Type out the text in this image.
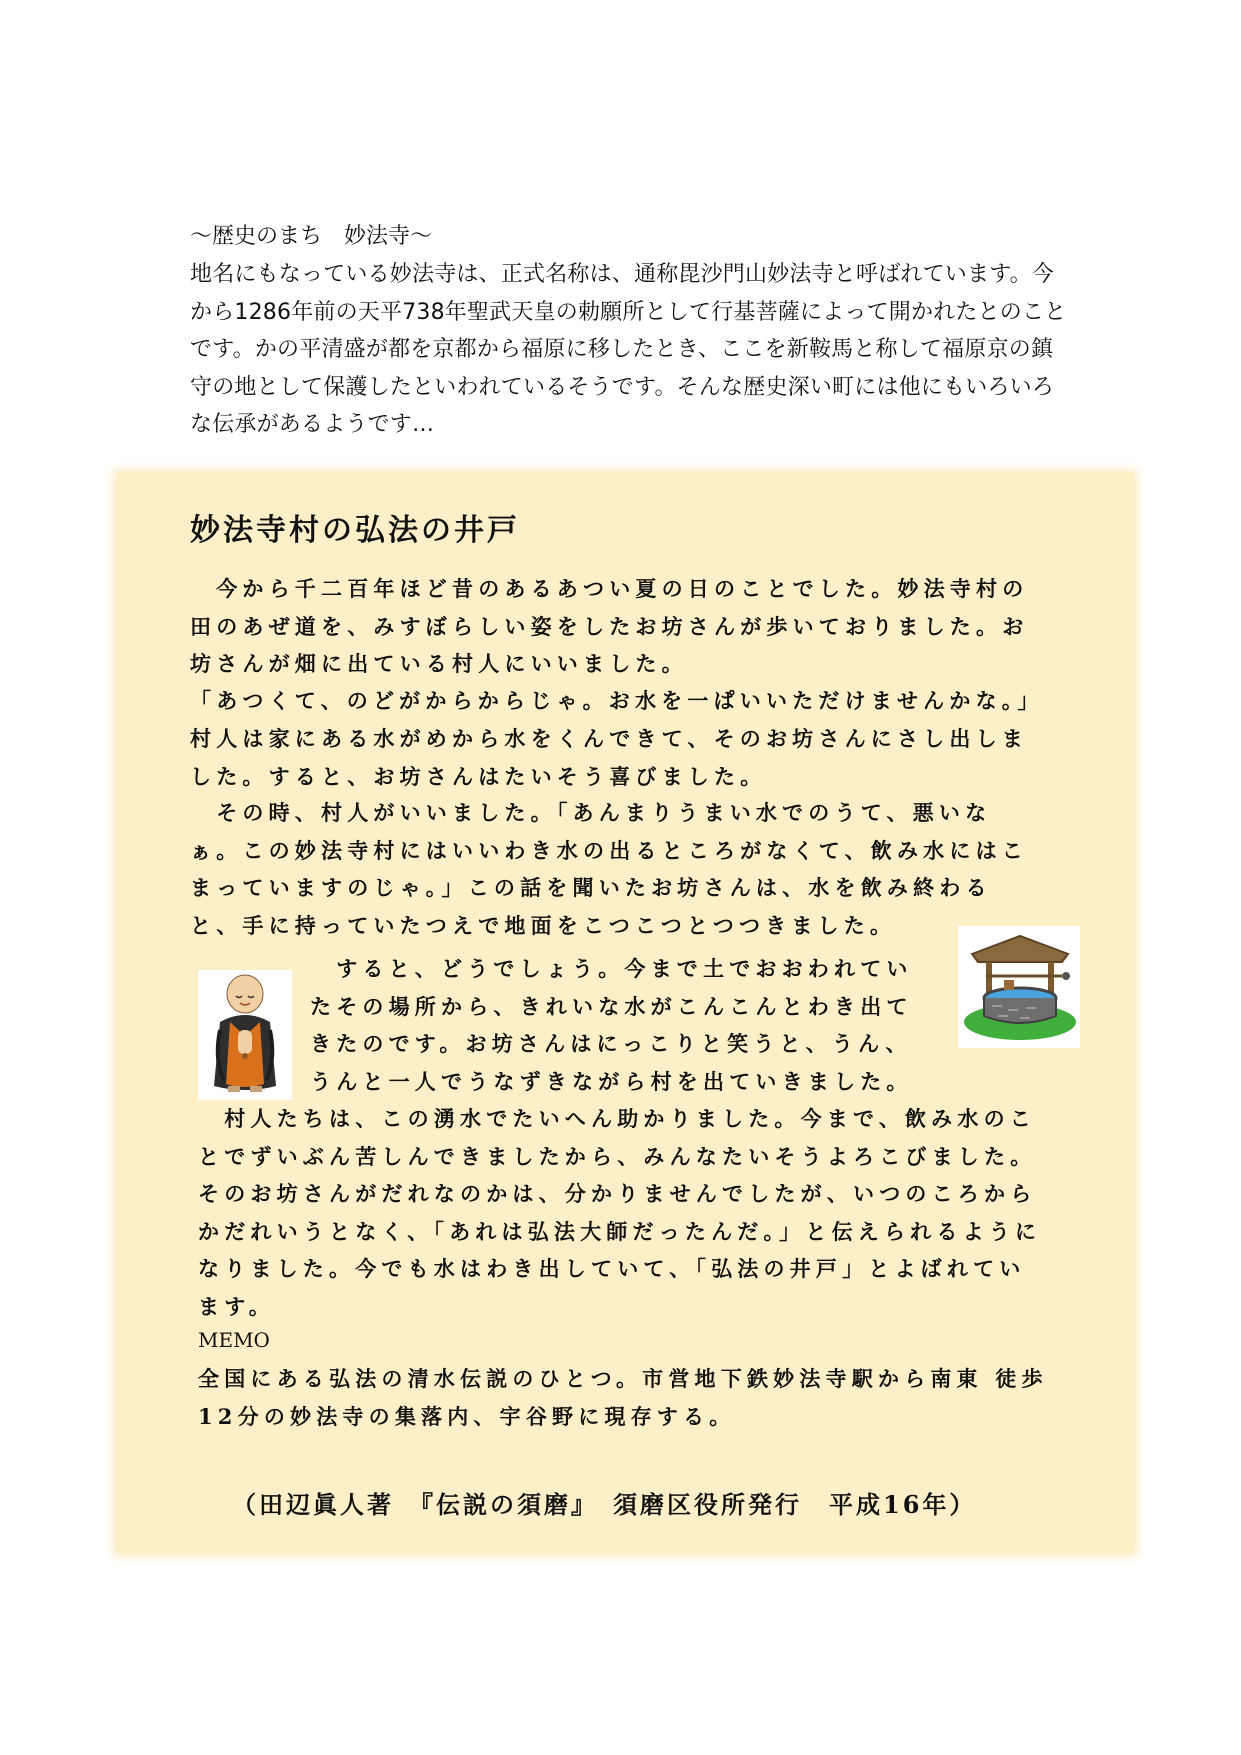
～歴史のまち　妙法寺～

地名にもなっている妙法寺は、正式名称は、通称毘沙門山妙法寺と呼ばれています。今から1286年前の天平738年聖武天皇の勅願所として行基菩薩によって開かれたとのことです。かの平清盛が都を京都から福原に移したとき、ここを新鞍馬と称して福原京の鎮守の地として保護したといわれているそうです。そんな歴史深い町には他にもいろいろな伝承があるようです…

妙法寺村の弘法の井戸

　今から千二百年ほど昔のあるあつい夏の日のことでした。妙法寺村の田のあぜ道を、みすぼらしい姿をしたお坊さんが歩いておりました。お坊さんが畑に出ている村人にいいました。

「あつくて、のどがからからじゃ。お水を一ぱいいただけませんかな。」

村人は家にある水がめから水をくんできて、そのお坊さんにさし出しました。すると、お坊さんはたいそう喜びました。

　その時、村人がいいました。「あんまりうまい水でのうて、悪いなぁ。この妙法寺村にはいいわき水の出るところがなくて、飲み水にはこまっていますのじゃ。」この話を聞いたお坊さんは、水を飲み終わると、手に持っていたつえで地面をこつこつとつつきました。

　すると、どうでしょう。今まで土でおおわれていたその場所から、きれいな水がこんこんとわき出てきたのです。お坊さんはにっこりと笑うと、うん、うんと一人でうなずきながら村を出ていきました。

　村人たちは、この湧水でたいへん助かりました。今まで、飲み水のことでずいぶん苦しんできましたから、みんなたいそうよろこびました。そのお坊さんがだれなのかは、分かりませんでしたが、いつのころからかだれいうとなく、「あれは弘法大師だったんだ。」と伝えられるようになりました。今でも水はわき出していて、「弘法の井戸」とよばれています。

MEMO

全国にある弘法の清水伝説のひとつ。市営地下鉄妙法寺駅から南東 徒歩12分の妙法寺の集落内、宇谷野に現存する。

（田辺眞人著　『伝説の須磨』　須磨区役所発行　平成16年）
